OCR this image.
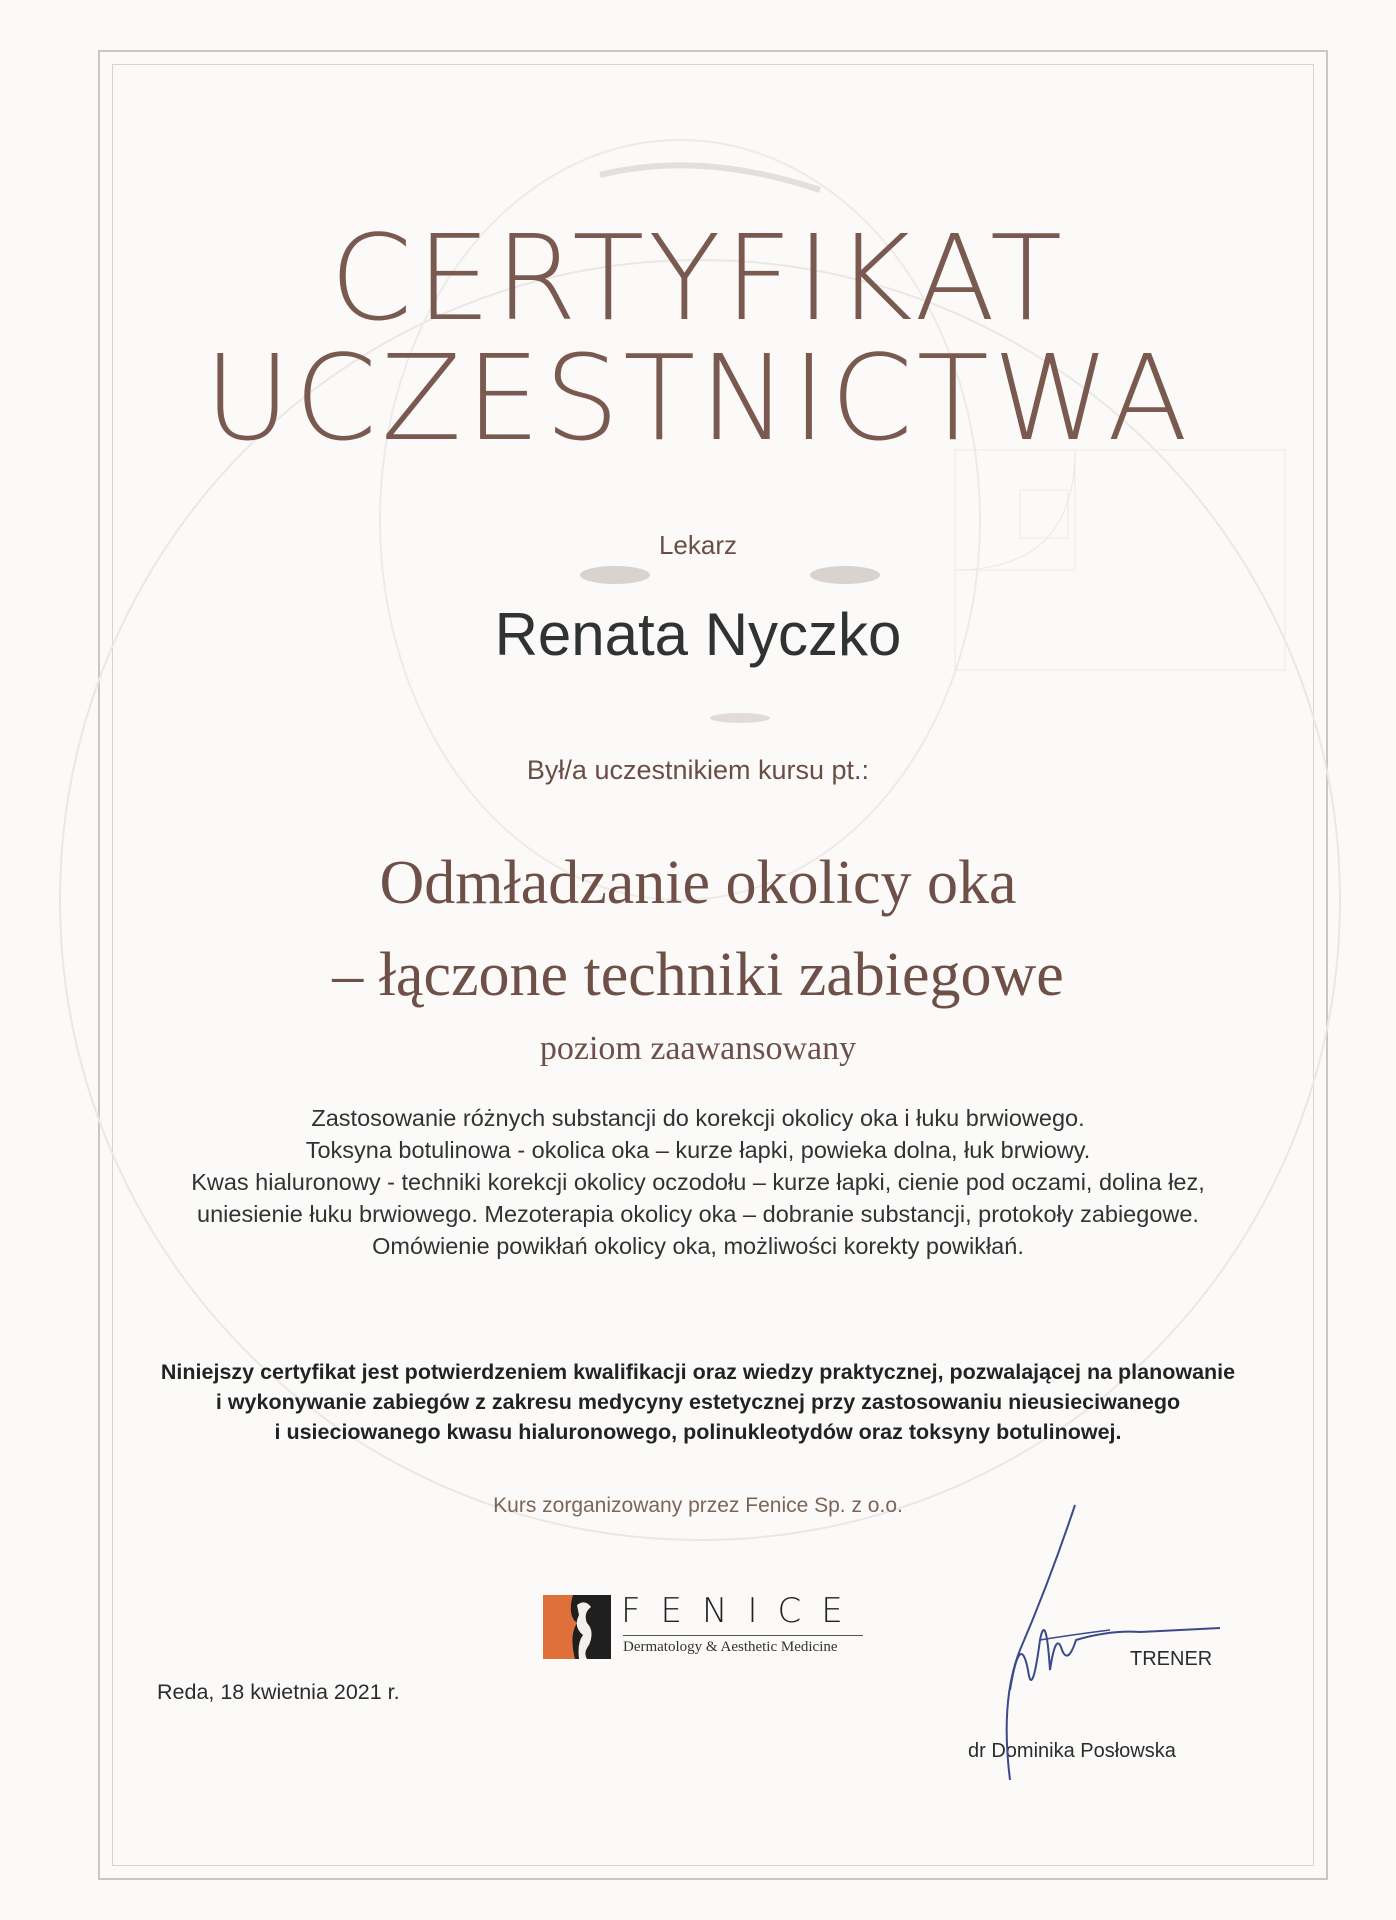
CERTYFIKAT
UCZESTNICTWA
Lekarz
Renata Nyczko
Był/a uczestnikiem kursu pt.:
Odmładzanie okolicy oka
– łączone techniki zabiegowe
poziom zaawansowany
Zastosowanie różnych substancji do korekcji okolicy oka i łuku brwiowego.
Toksyna botulinowa - okolica oka – kurze łapki, powieka dolna, łuk brwiowy.
Kwas hialuronowy - techniki korekcji okolicy oczodołu – kurze łapki, cienie pod oczami, dolina łez,
uniesienie łuku brwiowego. Mezoterapia okolicy oka – dobranie substancji, protokoły zabiegowe.
Omówienie powikłań okolicy oka, możliwości korekty powikłań.
Niniejszy certyfikat jest potwierdzeniem kwalifikacji oraz wiedzy praktycznej, pozwalającej na planowanie
i wykonywanie zabiegów z zakresu medycyny estetycznej przy zastosowaniu nieusieciwanego
i usieciowanego kwasu hialuronowego, polinukleotydów oraz toksyny botulinowej.
Kurs zorganizowany przez Fenice Sp. z o.o.
FENICE
Dermatology & Aesthetic Medicine
Reda, 18 kwietnia 2021 r.
TRENER
dr Dominika Posłowska
